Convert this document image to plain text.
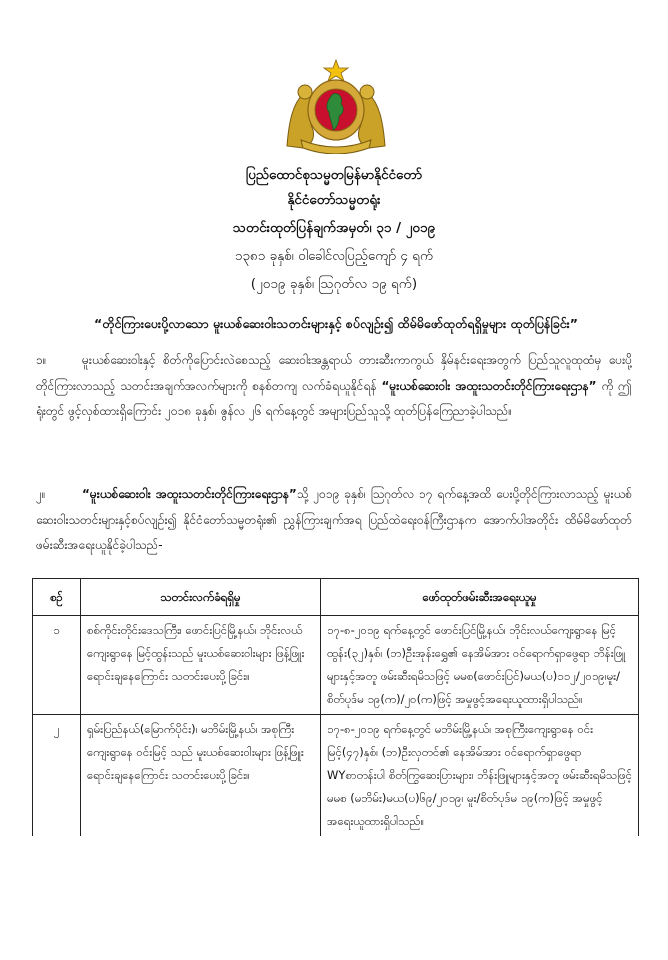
ပြည်ထောင်စုသမ္မတမြန်မာနိုင်ငံတော်
နိုင်ငံတော်သမ္မတရုံး
သတင်းထုတ်ပြန်ချက်အမှတ်၊ ၃၁ / ၂၀၁၉
၁၃၈၁ ခုနှစ်၊ ဝါခေါင်လပြည့်ကျော် ၄ ရက်
(၂၀၁၉ ခုနှစ်၊ ဩဂုတ်လ ၁၉ ရက်)
“တိုင်ကြားပေးပို့လာသော မူးယစ်ဆေးဝါးသတင်းများနှင့် စပ်လျဉ်း၍ ထိမ်မိဖော်ထုတ်ရရှိမှုများ ထုတ်ပြန်ခြင်း”
၁။	မူးယစ်ဆေးဝါးနှင့် စိတ်ကိုပြောင်းလဲစေသည့် ဆေးဝါးအန္တရာယ် တားဆီးကာကွယ် နှိမ်နင်းရေးအတွက် ပြည်သူလူထုထံမှ ပေးပို့တိုင်ကြားလာသည့် သတင်းအချက်အလက်များကို စနစ်တကျ လက်ခံရယူနိုင်ရန် “မူးယစ်ဆေးဝါး အထူးသတင်းတိုင်ကြားရေးဌာန” ကို ဤရုံးတွင် ဖွင့်လှစ်ထားရှိကြောင်း ၂၀၁၈ ခုနှစ်၊ ဇွန်လ ၂၆ ရက်နေ့တွင် အများပြည်သူသို့ ထုတ်ပြန်ကြေညာခဲ့ပါသည်။
၂။	“မူးယစ်ဆေးဝါး အထူးသတင်းတိုင်ကြားရေးဌာန”သို့ ၂၀၁၉ ခုနှစ်၊ ဩဂုတ်လ ၁၇ ရက်နေ့အထိ ပေးပို့တိုင်ကြားလာသည့် မူးယစ်ဆေးဝါးသတင်းများနှင့်စပ်လျဉ်း၍ နိုင်ငံတော်သမ္မတရုံး၏ ညွှန်ကြားချက်အရ ပြည်ထဲရေးဝန်ကြီးဌာနက အောက်ပါအတိုင်း ထိမ်မိဖော်ထုတ်ဖမ်းဆီးအရေးယူနိုင်ခဲ့ပါသည်-
စဉ်	သတင်းလက်ခံရရှိမှု	ဖော်ထုတ်ဖမ်းဆီးအရေးယူမှု
၁	စစ်ကိုင်းတိုင်းဒေသကြီး၊ ဖောင်းပြင်မြို့နယ်၊ ဘိုင်းလယ်ကျေးရွာနေ မြင့်ထွန်းသည် မူးယစ်ဆေးဝါးများ ဖြန့်ဖြူးရောင်းချနေကြောင်း သတင်းပေးပို့ခြင်း။	၁၇-၈-၂၀၁၉ ရက်နေ့တွင် ဖောင်းပြင်မြို့နယ်၊ ဘိုင်းလယ်ကျေးရွာနေ မြင့်ထွန်း(၃၂)နှစ်၊ (ဘ)ဦးအုန်းရွှေ၏ နေအိမ်အား ဝင်ရောက်ရှာဖွေရာ ဘိန်းဖြူများနှင့်အတူ ဖမ်းဆီးရမိသဖြင့် မမစ(ဖောင်းပြင်)မယ(ပ)၁၁၂/၂၀၁၉၊မူး/စိတ်ပုဒ်မ ၁၉(က)/၂၀(က)ဖြင့် အမှုဖွင့်အရေးယူထားရှိပါသည်။
၂	ရှမ်းပြည်နယ်(မြောက်ပိုင်း)၊ မဘိမ်းမြို့နယ်၊ အစုကြီးကျေးရွာနေ ဝင်းမြင့် သည် မူးယစ်ဆေးဝါးများ ဖြန့်ဖြူးရောင်းချနေကြောင်း သတင်းပေးပို့ခြင်း။	၁၇-၈-၂၀၁၉ ရက်နေ့တွင် မဘိမ်းမြို့နယ်၊ အစုကြီးကျေးရွာနေ ဝင်းမြင့်(၄၇)နှစ်၊ (ဘ)ဦးလှတင်၏ နေအိမ်အား ဝင်ရောက်ရှာဖွေရာ WYစာတန်းပါ စိတ်ကြွဆေးပြားများ၊ ဘိန်းဖြူများနှင့်အတူ ဖမ်းဆီးရမိသဖြင့် မမစ (မဘိမ်း)မယ(ပ)၆၉/၂၀၁၉၊ မူး/စိတ်ပုဒ်မ ၁၉(က)ဖြင့် အမှုဖွင့် အရေးယူထားရှိပါသည်။
